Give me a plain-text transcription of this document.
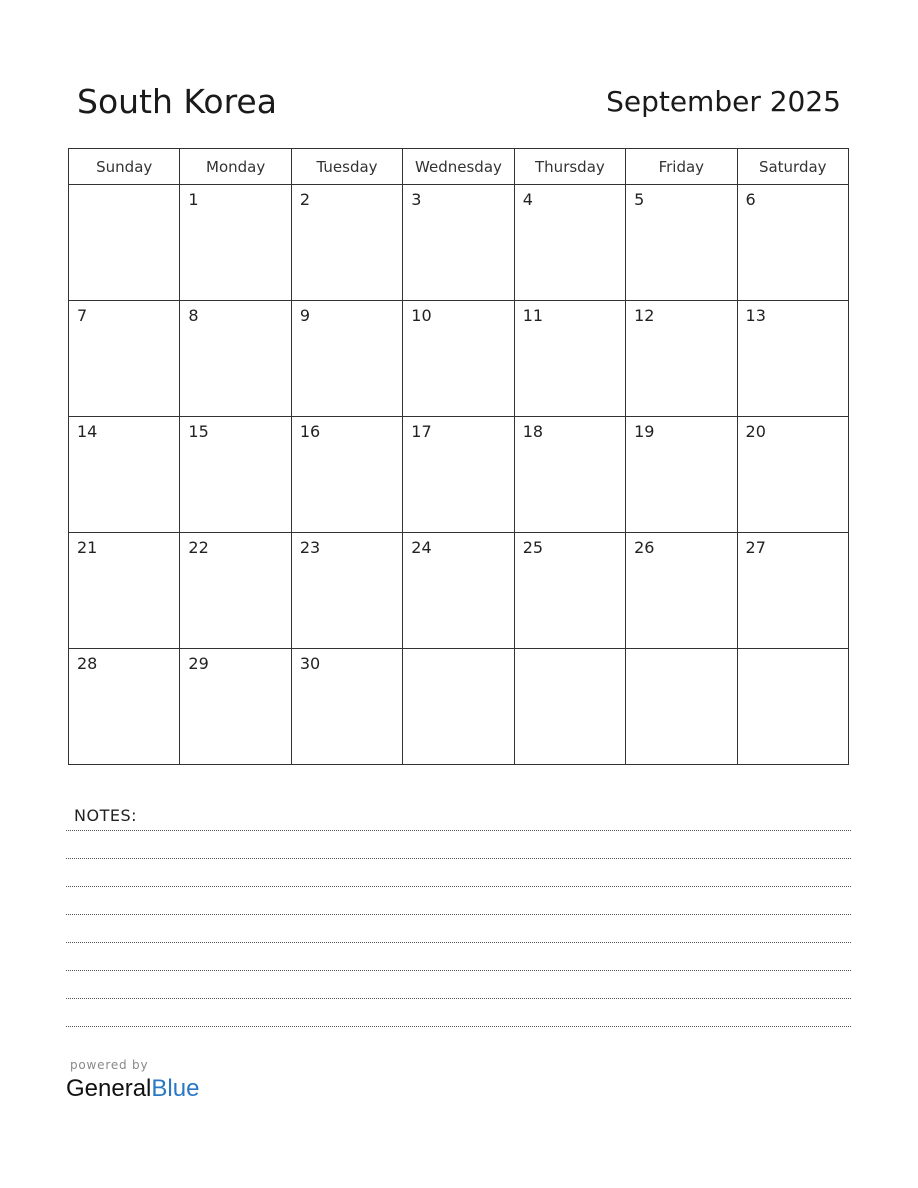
South Korea	September 2025
Sunday	Monday	Tuesday	Wednesday	Thursday	Friday	Saturday

	1	2	3	4	5	6

7	8	9	10	11	12	13

14	15	16	17	18	19	20

21	22	23	24	25	26	27

28	29	30				

NOTES:
powered by
GeneralBlue
